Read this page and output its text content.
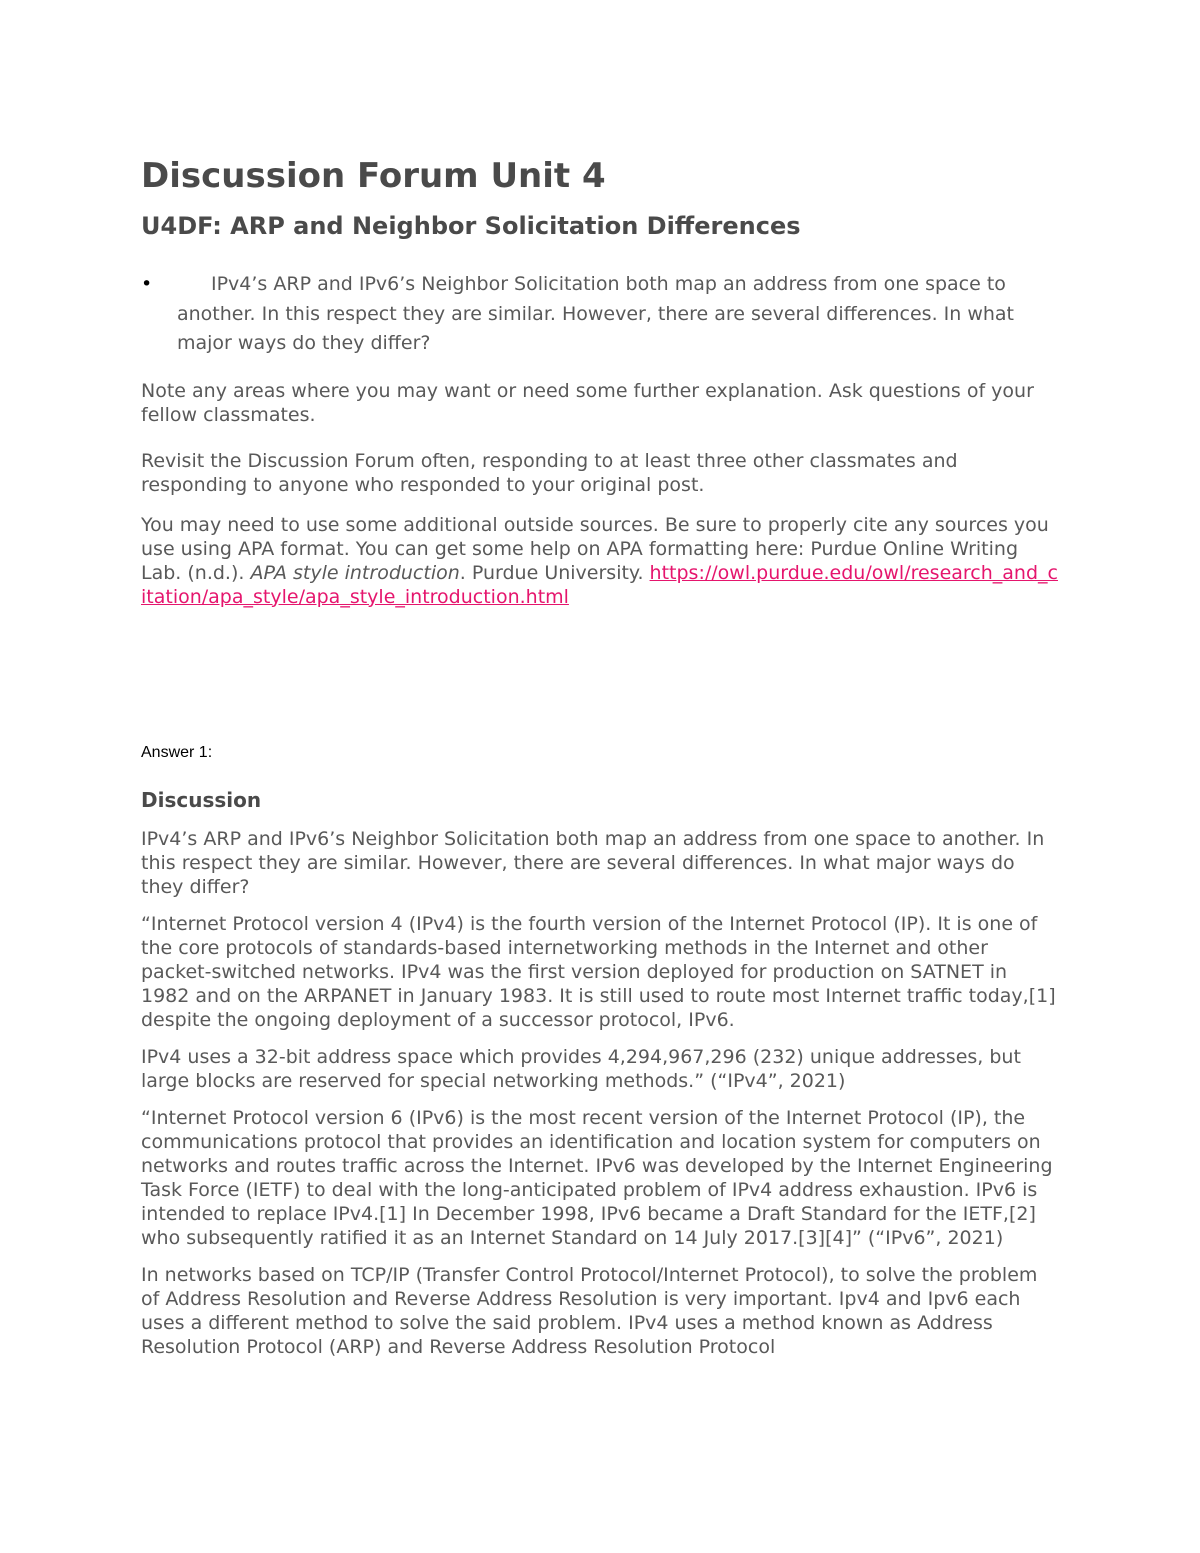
Discussion Forum Unit 4
U4DF: ARP and Neighbor Solicitation Differences
•	IPv4’s ARP and IPv6’s Neighbor Solicitation both map an address from one space to another. In this respect they are similar. However, there are several differences. In what major ways do they differ?

Note any areas where you may want or need some further explanation. Ask questions of your fellow classmates.

Revisit the Discussion Forum often, responding to at least three other classmates and responding to anyone who responded to your original post.

You may need to use some additional outside sources. Be sure to properly cite any sources you use using APA format. You can get some help on APA formatting here: Purdue Online Writing Lab. (n.d.). APA style introduction. Purdue University. https://owl.purdue.edu/owl/research_and_citation/apa_style/apa_style_introduction.html

Answer 1:
Discussion

IPv4’s ARP and IPv6’s Neighbor Solicitation both map an address from one space to another. In this respect they are similar. However, there are several differences. In what major ways do they differ?

“Internet Protocol version 4 (IPv4) is the fourth version of the Internet Protocol (IP). It is one of the core protocols of standards-based internetworking methods in the Internet and other packet-switched networks. IPv4 was the first version deployed for production on SATNET in 1982 and on the ARPANET in January 1983. It is still used to route most Internet traffic today,[1] despite the ongoing deployment of a successor protocol, IPv6.

IPv4 uses a 32-bit address space which provides 4,294,967,296 (232) unique addresses, but large blocks are reserved for special networking methods.” (“IPv4”, 2021)

“Internet Protocol version 6 (IPv6) is the most recent version of the Internet Protocol (IP), the communications protocol that provides an identification and location system for computers on networks and routes traffic across the Internet. IPv6 was developed by the Internet Engineering Task Force (IETF) to deal with the long-anticipated problem of IPv4 address exhaustion. IPv6 is intended to replace IPv4.[1] In December 1998, IPv6 became a Draft Standard for the IETF,[2] who subsequently ratified it as an Internet Standard on 14 July 2017.[3][4]” (“IPv6”, 2021)

In networks based on TCP/IP (Transfer Control Protocol/Internet Protocol), to solve the problem of Address Resolution and Reverse Address Resolution is very important. Ipv4 and Ipv6 each uses a different method to solve the said problem. IPv4 uses a method known as Address Resolution Protocol (ARP) and Reverse Address Resolution Protocol
